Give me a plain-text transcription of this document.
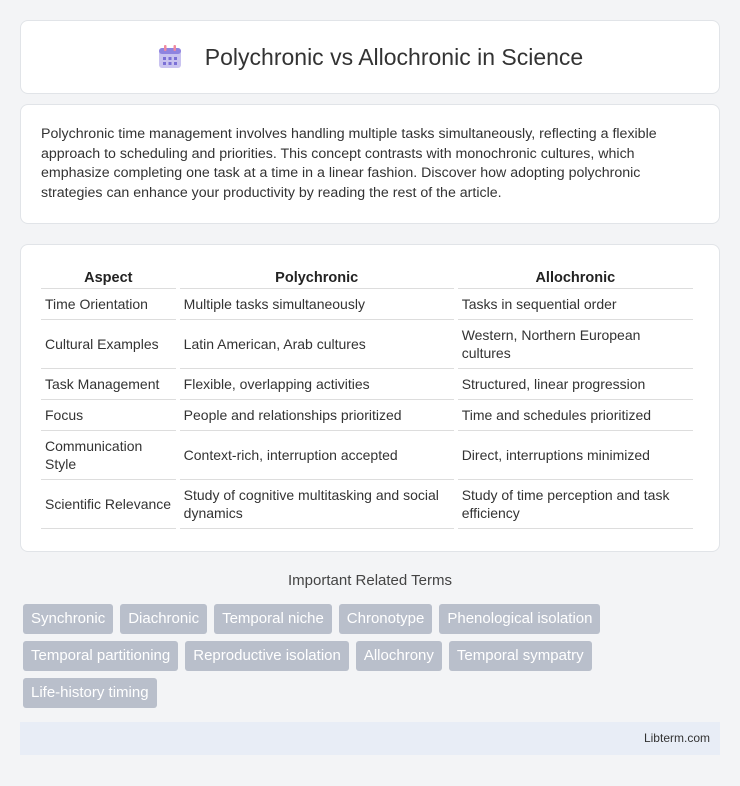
Polychronic vs Allochronic in Science

Polychronic time management involves handling multiple tasks simultaneously, reflecting a flexible approach to scheduling and priorities. This concept contrasts with monochronic cultures, which emphasize completing one task at a time in a linear fashion. Discover how adopting polychronic strategies can enhance your productivity by reading the rest of the article.

Aspect	Polychronic	Allochronic
Time Orientation	Multiple tasks simultaneously	Tasks in sequential order
Cultural Examples	Latin American, Arab cultures	Western, Northern European cultures
Task Management	Flexible, overlapping activities	Structured, linear progression
Focus	People and relationships prioritized	Time and schedules prioritized
Communication Style	Context-rich, interruption accepted	Direct, interruptions minimized
Scientific Relevance	Study of cognitive multitasking and social dynamics	Study of time perception and task efficiency
Important Related Terms
Synchronic	Diachronic	Temporal niche	Chronotype	Phenological isolation
Temporal partitioning	Reproductive isolation	Allochrony	Temporal sympatry
Life-history timing
Libterm.com
